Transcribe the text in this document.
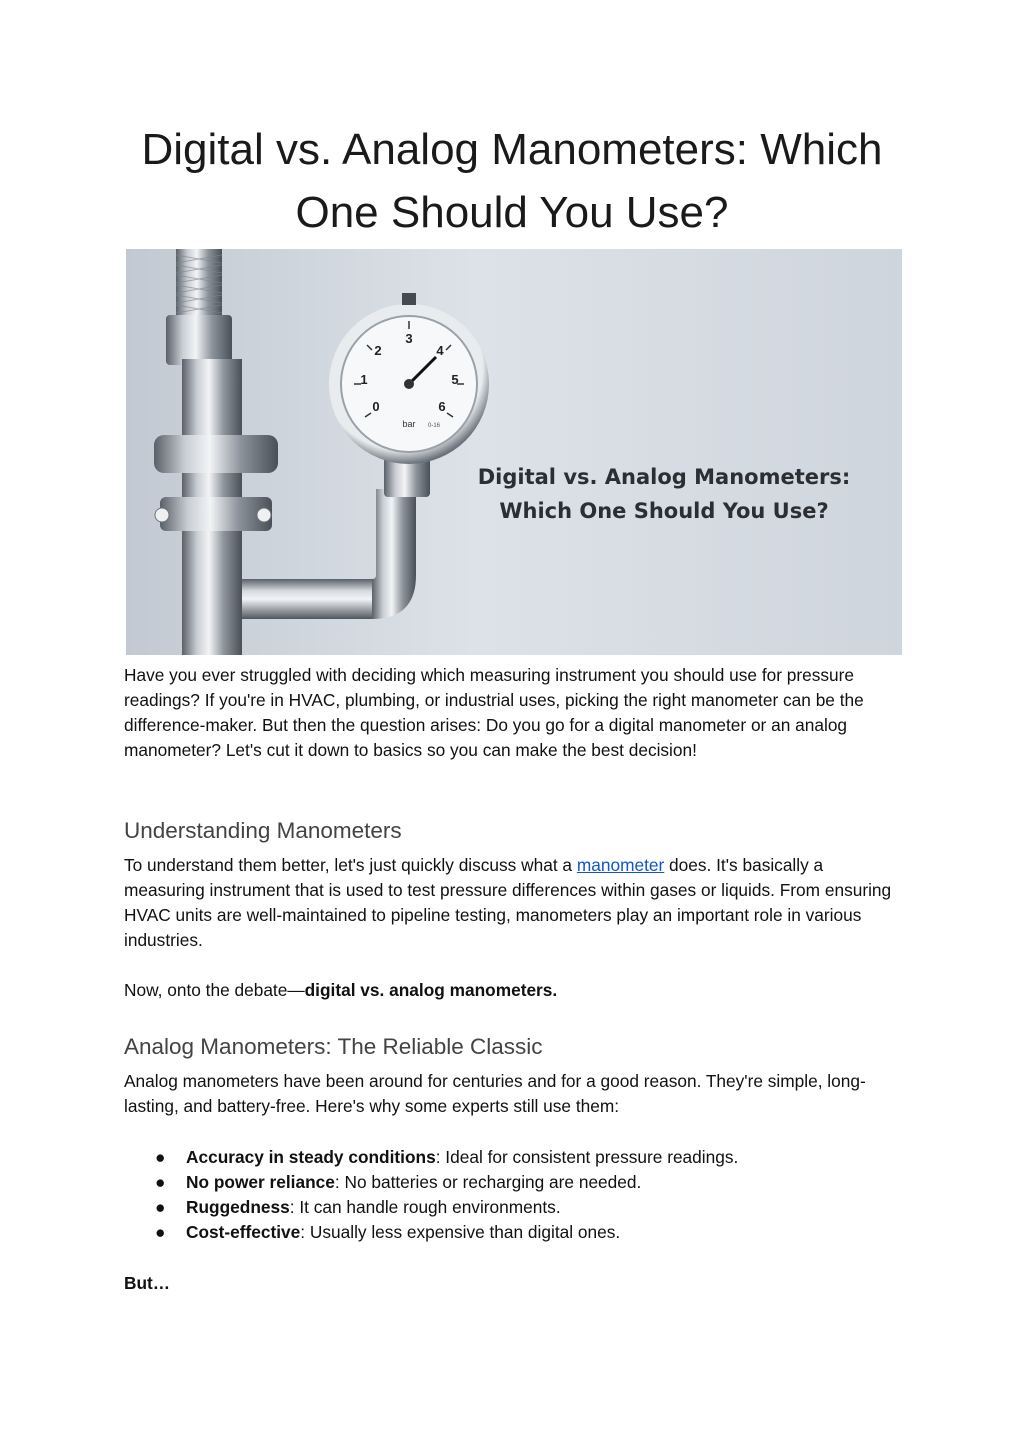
Digital vs. Analog Manometers: Which
One Should You Use?
0
1
2
3
4
5
6
bar 0-16
Digital vs. Analog Manometers:
Which One Should You Use?

Have you ever struggled with deciding which measuring instrument you should use for pressure readings? If you're in HVAC, plumbing, or industrial uses, picking the right manometer can be the difference-maker. But then the question arises: Do you go for a digital manometer or an analog manometer? Let's cut it down to basics so you can make the best decision!

Understanding Manometers

To understand them better, let's just quickly discuss what a manometer does. It's basically a measuring instrument that is used to test pressure differences within gases or liquids. From ensuring HVAC units are well-maintained to pipeline testing, manometers play an important role in various industries.

Now, onto the debate—digital vs. analog manometers.

Analog Manometers: The Reliable Classic

Analog manometers have been around for centuries and for a good reason. They're simple, long-lasting, and battery-free. Here's why some experts still use them:

● Accuracy in steady conditions: Ideal for consistent pressure readings.
● No power reliance: No batteries or recharging are needed.
● Ruggedness: It can handle rough environments.
● Cost-effective: Usually less expensive than digital ones.

But…
